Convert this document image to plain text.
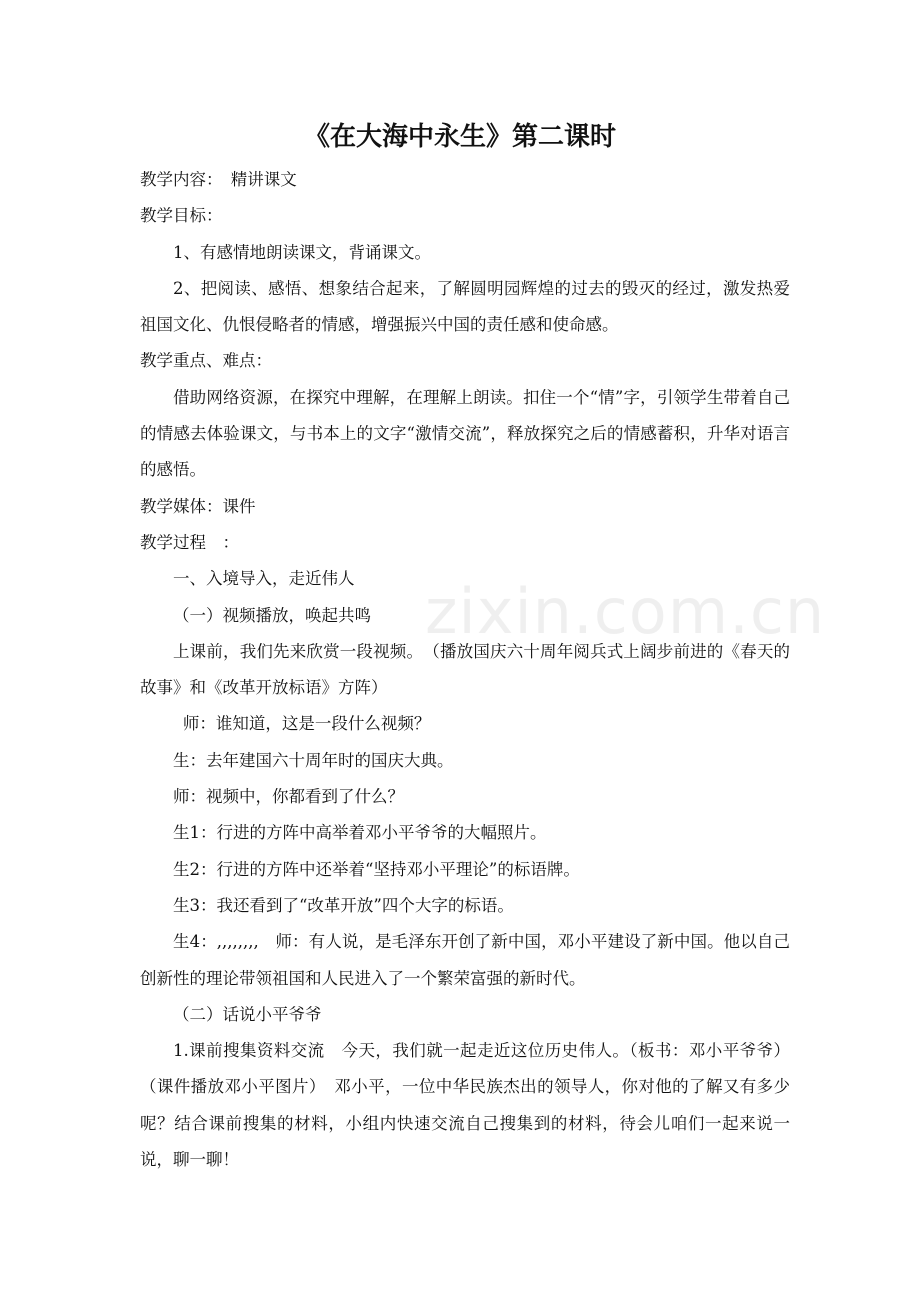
《在大海中永生》第二课时

教学内容：　精讲课文

教学目标：

1、有感情地朗读课文，背诵课文。

2、把阅读、感悟、想象结合起来，了解圆明园辉煌的过去的毁灭的经过，激发热爱祖国文化、仇恨侵略者的情感，增强振兴中国的责任感和使命感。

教学重点、难点：

借助网络资源，在探究中理解，在理解上朗读。扣住一个“情”字，引领学生带着自己的情感去体验课文，与书本上的文字“激情交流”，释放探究之后的情感蓄积，升华对语言的感悟。

教学媒体：课件

教学过程　：

一、入境导入，走近伟人

（一）视频播放，唤起共鸣

上课前，我们先来欣赏一段视频。　（播放国庆六十周年阅兵式上阔步前进的《春天的故事》和《改革开放标语》方阵）

师：谁知道，这是一段什么视频？

生：去年建国六十周年时的国庆大典。

师：视频中，你都看到了什么？

生1：行进的方阵中高举着邓小平爷爷的大幅照片。

生2：行进的方阵中还举着“坚持邓小平理论”的标语牌。

生3：我还看到了“改革开放”四个大字的标语。

生4：,,,,,,,,　师：有人说，是毛泽东开创了新中国，邓小平建设了新中国。他以自己创新性的理论带领祖国和人民进入了一个繁荣富强的新时代。

（二）话说小平爷爷

1.课前搜集资料交流　今天，我们就一起走近这位历史伟人。（板书：邓小平爷爷）（课件播放邓小平图片）　邓小平，一位中华民族杰出的领导人，你对他的了解又有多少呢？结合课前搜集的材料，小组内快速交流自己搜集到的材料，待会儿咱们一起来说一说，聊一聊！

zixin.com.cn
